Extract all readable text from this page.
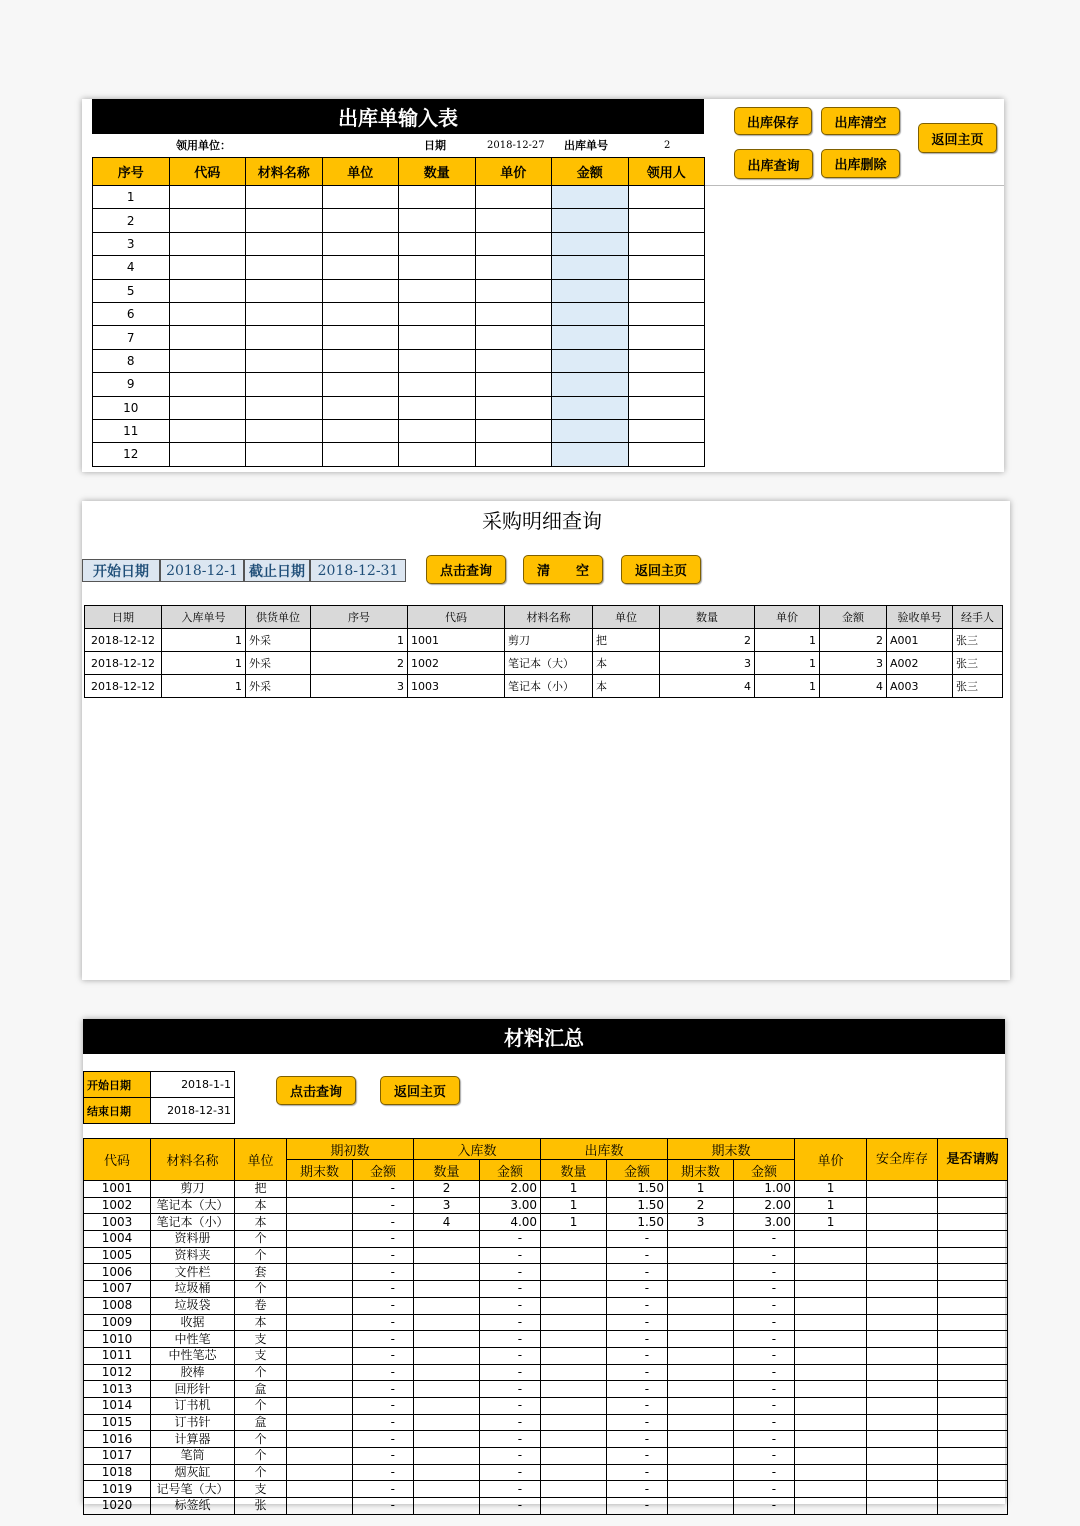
出库单输入表
领用单位：	日期	2018-12-27 出库单号	2
出库保存	出库清空
返回主页
出库查询	出库删除
序号	代码	材料名称	单位	数量	单价	金额	领用人
1							
2							
3							
4							
5							
6							
7							
8							
9							
10							
11							
12							
采购明细查询
开始日期	2018-12-1 截止日期 2018-12-31	点击查询	清　　空	返回主页
日期	入库单号	供货单位	序号	代码	材料名称	单位	数量	单价	金额	验收单号	经手人
2018-12-12	1	外采	1	1001	剪刀	把	2	1	2	A001	张三
2018-12-12	1	外采	2	1002	笔记本（大）	本	3	1	3	A002	张三
2018-12-12	1	外采	3	1003	笔记本（小）	本	4	1	4	A003	张三
材料汇总
开始日期	2018-1-1
结束日期	2018-12-31
点击查询	返回主页
代码	材料名称	单位	期初数		入库数		出库数		期末数		单价	安全库存	是否请购
			期末数	金额	数量	金额	数量	金额	期末数	金额			
1001	剪刀	把		-	2	2.00	1	1.50	1	1.00	1		
1002	笔记本（大）	本		-	3	3.00	1	1.50	2	2.00	1		
1003	笔记本（小）	本		-	4	4.00	1	1.50	3	3.00	1		
1004	资料册	个		-		-		-		-			
1005	资料夹	个		-		-		-		-			
1006	文件栏	套		-		-		-		-			
1007	垃圾桶	个		-		-		-		-			
1008	垃圾袋	卷		-		-		-		-			
1009	收据	本		-		-		-		-			
1010	中性笔	支		-		-		-		-			
1011	中性笔芯	支		-		-		-		-			
1012	胶棒	个		-		-		-		-			
1013	回形针	盒		-		-		-		-			
1014	订书机	个		-		-		-		-			
1015	订书针	盒		-		-		-		-			
1016	计算器	个		-		-		-		-			
1017	笔筒	个		-		-		-		-			
1018	烟灰缸	个		-		-		-		-			
1019	记号笔（大）	支		-		-		-		-			
1020	标签纸	张		-		-		-		-			
